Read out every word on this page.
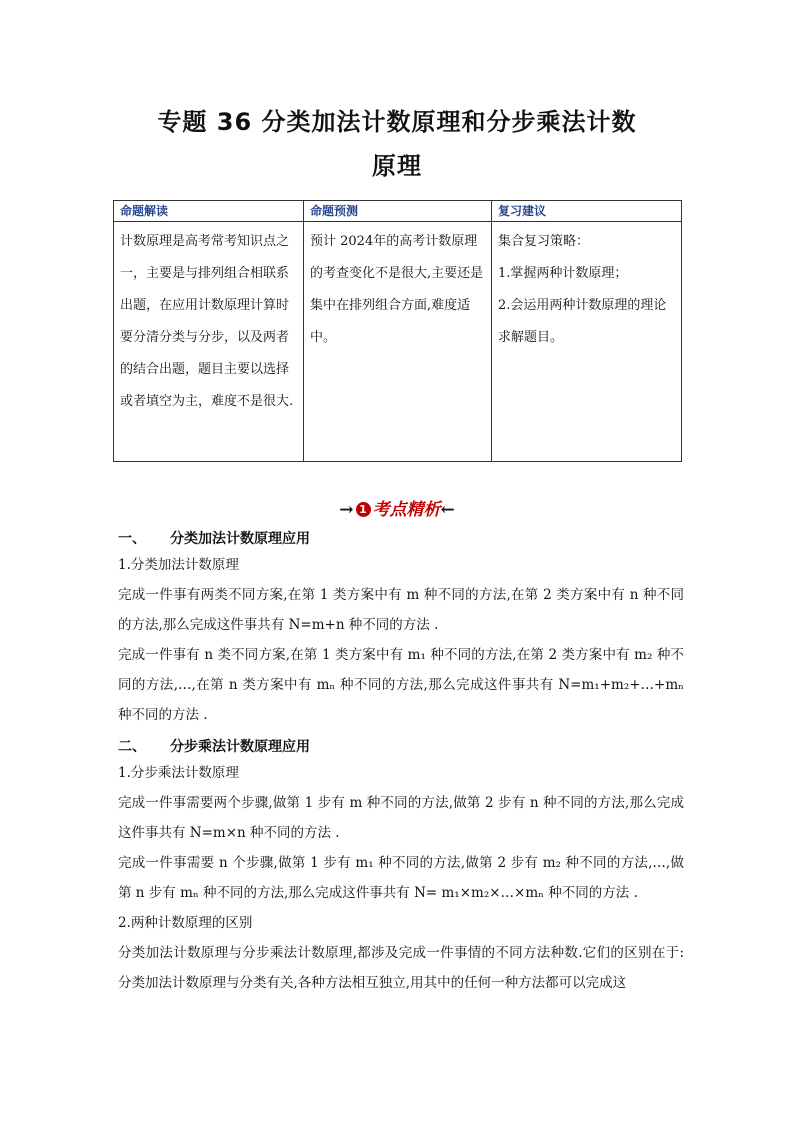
专题 36 分类加法计数原理和分步乘法计数
原理
命题解读	命题预测	复习建议
计数原理是高考常考知识点之一，主要是与排列组合相联系出题，在应用计数原理计算时要分清分类与分步，以及两者的结合出题，题目主要以选择或者填空为主，难度不是很大.	预计 2024年的高考计数原理的考查变化不是很大,主要还是集中在排列组合方面,难度适中。	集合复习策略：
1.掌握两种计数原理；
2.会运用两种计数原理的理论求解题目。
→ 1 考点精析←

一、 分类加法计数原理应用

1.分类加法计数原理

完成一件事有两类不同方案,在第 1 类方案中有 m 种不同的方法,在第 2 类方案中有 n 种不同的方法,那么完成这件事共有 N=m+n 种不同的方法 .

完成一件事有 n 类不同方案,在第 1 类方案中有 m₁ 种不同的方法,在第 2 类方案中有 m₂ 种不同的方法,…,在第 n 类方案中有 mₙ 种不同的方法,那么完成这件事共有 N=m₁+m₂+…+mₙ 种不同的方法 .

二、 分步乘法计数原理应用

1.分步乘法计数原理

完成一件事需要两个步骤,做第 1 步有 m 种不同的方法,做第 2 步有 n 种不同的方法,那么完成这件事共有 N=m×n 种不同的方法 .

完成一件事需要 n 个步骤,做第 1 步有 m₁ 种不同的方法,做第 2 步有 m₂ 种不同的方法,…,做第 n 步有 mₙ 种不同的方法,那么完成这件事共有 N= m₁×m₂×…×mₙ 种不同的方法 .

2.两种计数原理的区别

分类加法计数原理与分步乘法计数原理,都涉及完成一件事情的不同方法种数.它们的区别在于:分类加法计数原理与分类有关,各种方法相互独立,用其中的任何一种方法都可以完成这
